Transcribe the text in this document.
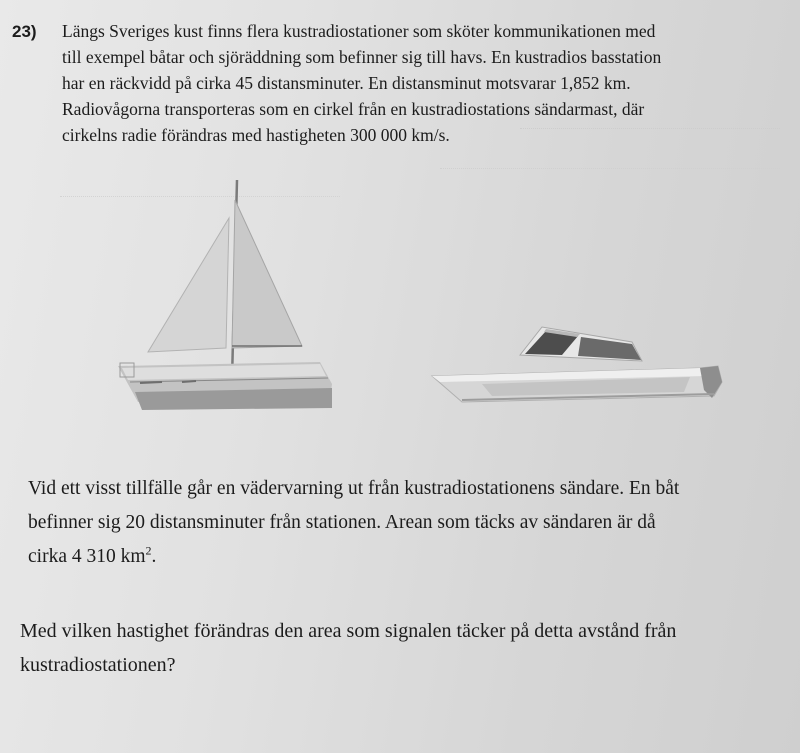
23) Längs Sveriges kust finns flera kustradiostationer som sköter kommunikationen med
till exempel båtar och sjöräddning som befinner sig till havs. En kustradios basstation
har en räckvidd på cirka 45 distansminuter. En distansminut motsvarar 1,852 km.
Radiovågorna transporteras som en cirkel från en kustradiostations sändarmast, där
cirkelns radie förändras med hastigheten 300 000 km/s.
Vid ett visst tillfälle går en vädervarning ut från kustradiostationens sändare. En båt
befinner sig 20 distansminuter från stationen. Arean som täcks av sändaren är då
cirka 4 310 $km^2$.
Med vilken hastighet förändras den area som signalen täcker på detta avstånd från
kustradiostationen?
